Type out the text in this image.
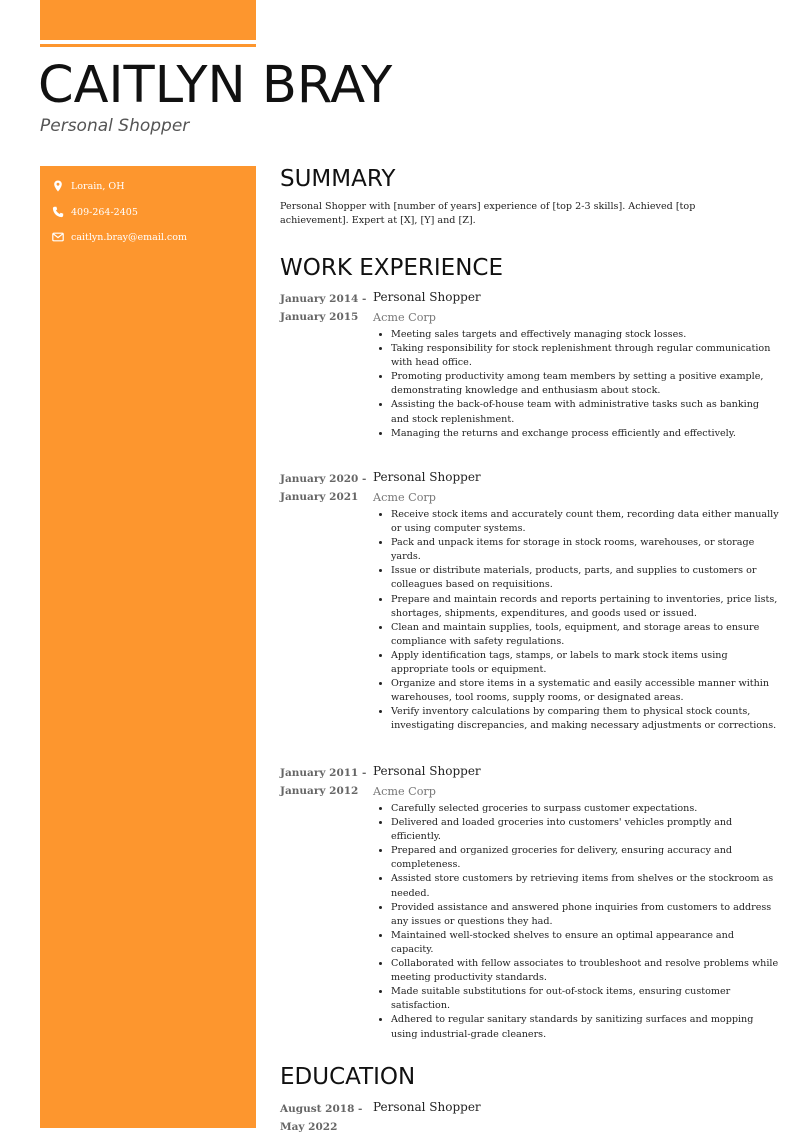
CAITLYN BRAY
Personal Shopper
Lorain, OH
409-264-2405
caitlyn.bray@email.com
SUMMARY
Personal Shopper with [number of years] experience of [top 2-3 skills]. Achieved [top achievement]. Expert at [X], [Y] and [Z].
WORK EXPERIENCE
January 2014 - January 2015
Personal Shopper
Acme Corp
• Meeting sales targets and effectively managing stock losses.
• Taking responsibility for stock replenishment through regular communication with head office.
• Promoting productivity among team members by setting a positive example, demonstrating knowledge and enthusiasm about stock.
• Assisting the back-of-house team with administrative tasks such as banking and stock replenishment.
• Managing the returns and exchange process efficiently and effectively.
January 2020 - January 2021
Personal Shopper
Acme Corp
• Receive stock items and accurately count them, recording data either manually or using computer systems.
• Pack and unpack items for storage in stock rooms, warehouses, or storage yards.
• Issue or distribute materials, products, parts, and supplies to customers or colleagues based on requisitions.
• Prepare and maintain records and reports pertaining to inventories, price lists, shortages, shipments, expenditures, and goods used or issued.
• Clean and maintain supplies, tools, equipment, and storage areas to ensure compliance with safety regulations.
• Apply identification tags, stamps, or labels to mark stock items using appropriate tools or equipment.
• Organize and store items in a systematic and easily accessible manner within warehouses, tool rooms, supply rooms, or designated areas.
• Verify inventory calculations by comparing them to physical stock counts, investigating discrepancies, and making necessary adjustments or corrections.
January 2011 - January 2012
Personal Shopper
Acme Corp
• Carefully selected groceries to surpass customer expectations.
• Delivered and loaded groceries into customers' vehicles promptly and efficiently.
• Prepared and organized groceries for delivery, ensuring accuracy and completeness.
• Assisted store customers by retrieving items from shelves or the stockroom as needed.
• Provided assistance and answered phone inquiries from customers to address any issues or questions they had.
• Maintained well-stocked shelves to ensure an optimal appearance and capacity.
• Collaborated with fellow associates to troubleshoot and resolve problems while meeting productivity standards.
• Made suitable substitutions for out-of-stock items, ensuring customer satisfaction.
• Adhered to regular sanitary standards by sanitizing surfaces and mopping using industrial-grade cleaners.
EDUCATION
August 2018 - May 2022
Personal Shopper
